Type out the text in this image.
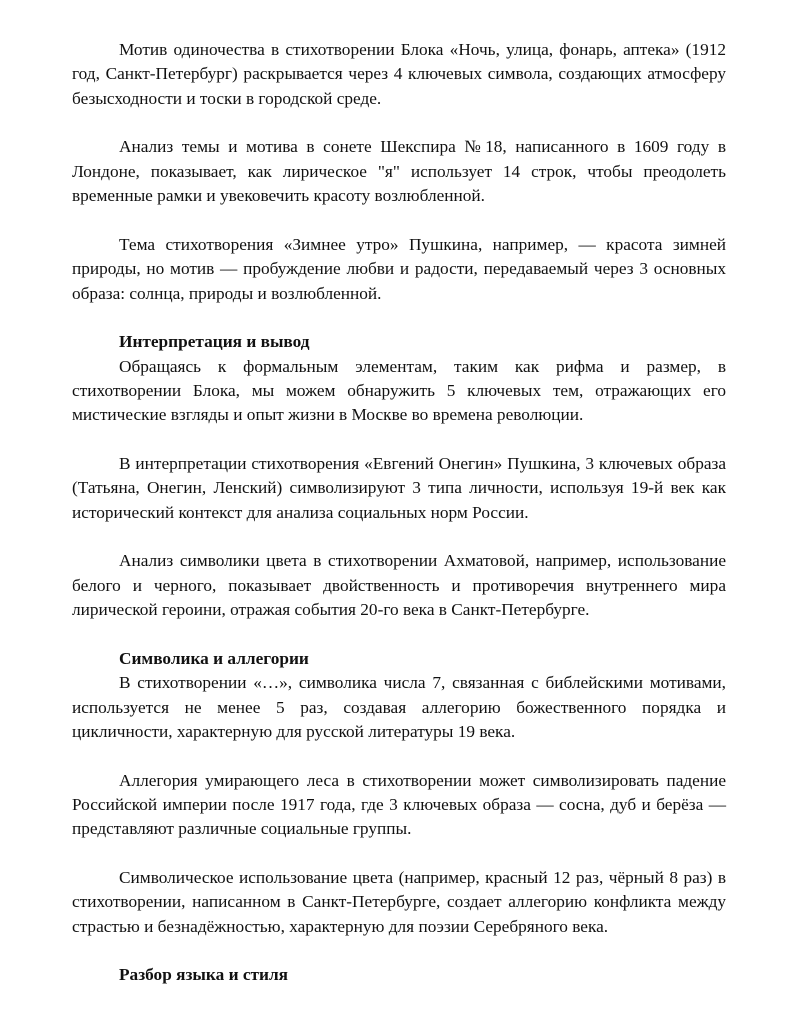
Мотив одиночества в стихотворении Блока «Ночь, улица, фонарь, аптека» (1912 год, Санкт-Петербург) раскрывается через 4 ключевых символа, создающих атмосферу безысходности и тоски в городской среде.

Анализ темы и мотива в сонете Шекспира №18, написанного в 1609 году в Лондоне, показывает, как лирическое "я" использует 14 строк, чтобы преодолеть временные рамки и увековечить красоту возлюбленной.

Тема стихотворения «Зимнее утро» Пушкина, например, — красота зимней природы, но мотив — пробуждение любви и радости, передаваемый через 3 основных образа: солнца, природы и возлюбленной.

Интерпретация и вывод

Обращаясь к формальным элементам, таким как рифма и размер, в стихотворении Блока, мы можем обнаружить 5 ключевых тем, отражающих его мистические взгляды и опыт жизни в Москве во времена революции.

В интерпретации стихотворения «Евгений Онегин» Пушкина, 3 ключевых образа (Татьяна, Онегин, Ленский) символизируют 3 типа личности, используя 19-й век как исторический контекст для анализа социальных норм России.

Анализ символики цвета в стихотворении Ахматовой, например, использование белого и черного, показывает двойственность и противоречия внутреннего мира лирической героини, отражая события 20-го века в Санкт-Петербурге.

Символика и аллегории

В стихотворении «…», символика числа 7, связанная с библейскими мотивами, используется не менее 5 раз, создавая аллегорию божественного порядка и цикличности, характерную для русской литературы 19 века.

Аллегория умирающего леса в стихотворении может символизировать падение Российской империи после 1917 года, где 3 ключевых образа — сосна, дуб и берёза — представляют различные социальные группы.

Символическое использование цвета (например, красный 12 раз, чёрный 8 раз) в стихотворении, написанном в Санкт-Петербурге, создает аллегорию конфликта между страстью и безнадёжностью, характерную для поэзии Серебряного века.

Разбор языка и стиля
